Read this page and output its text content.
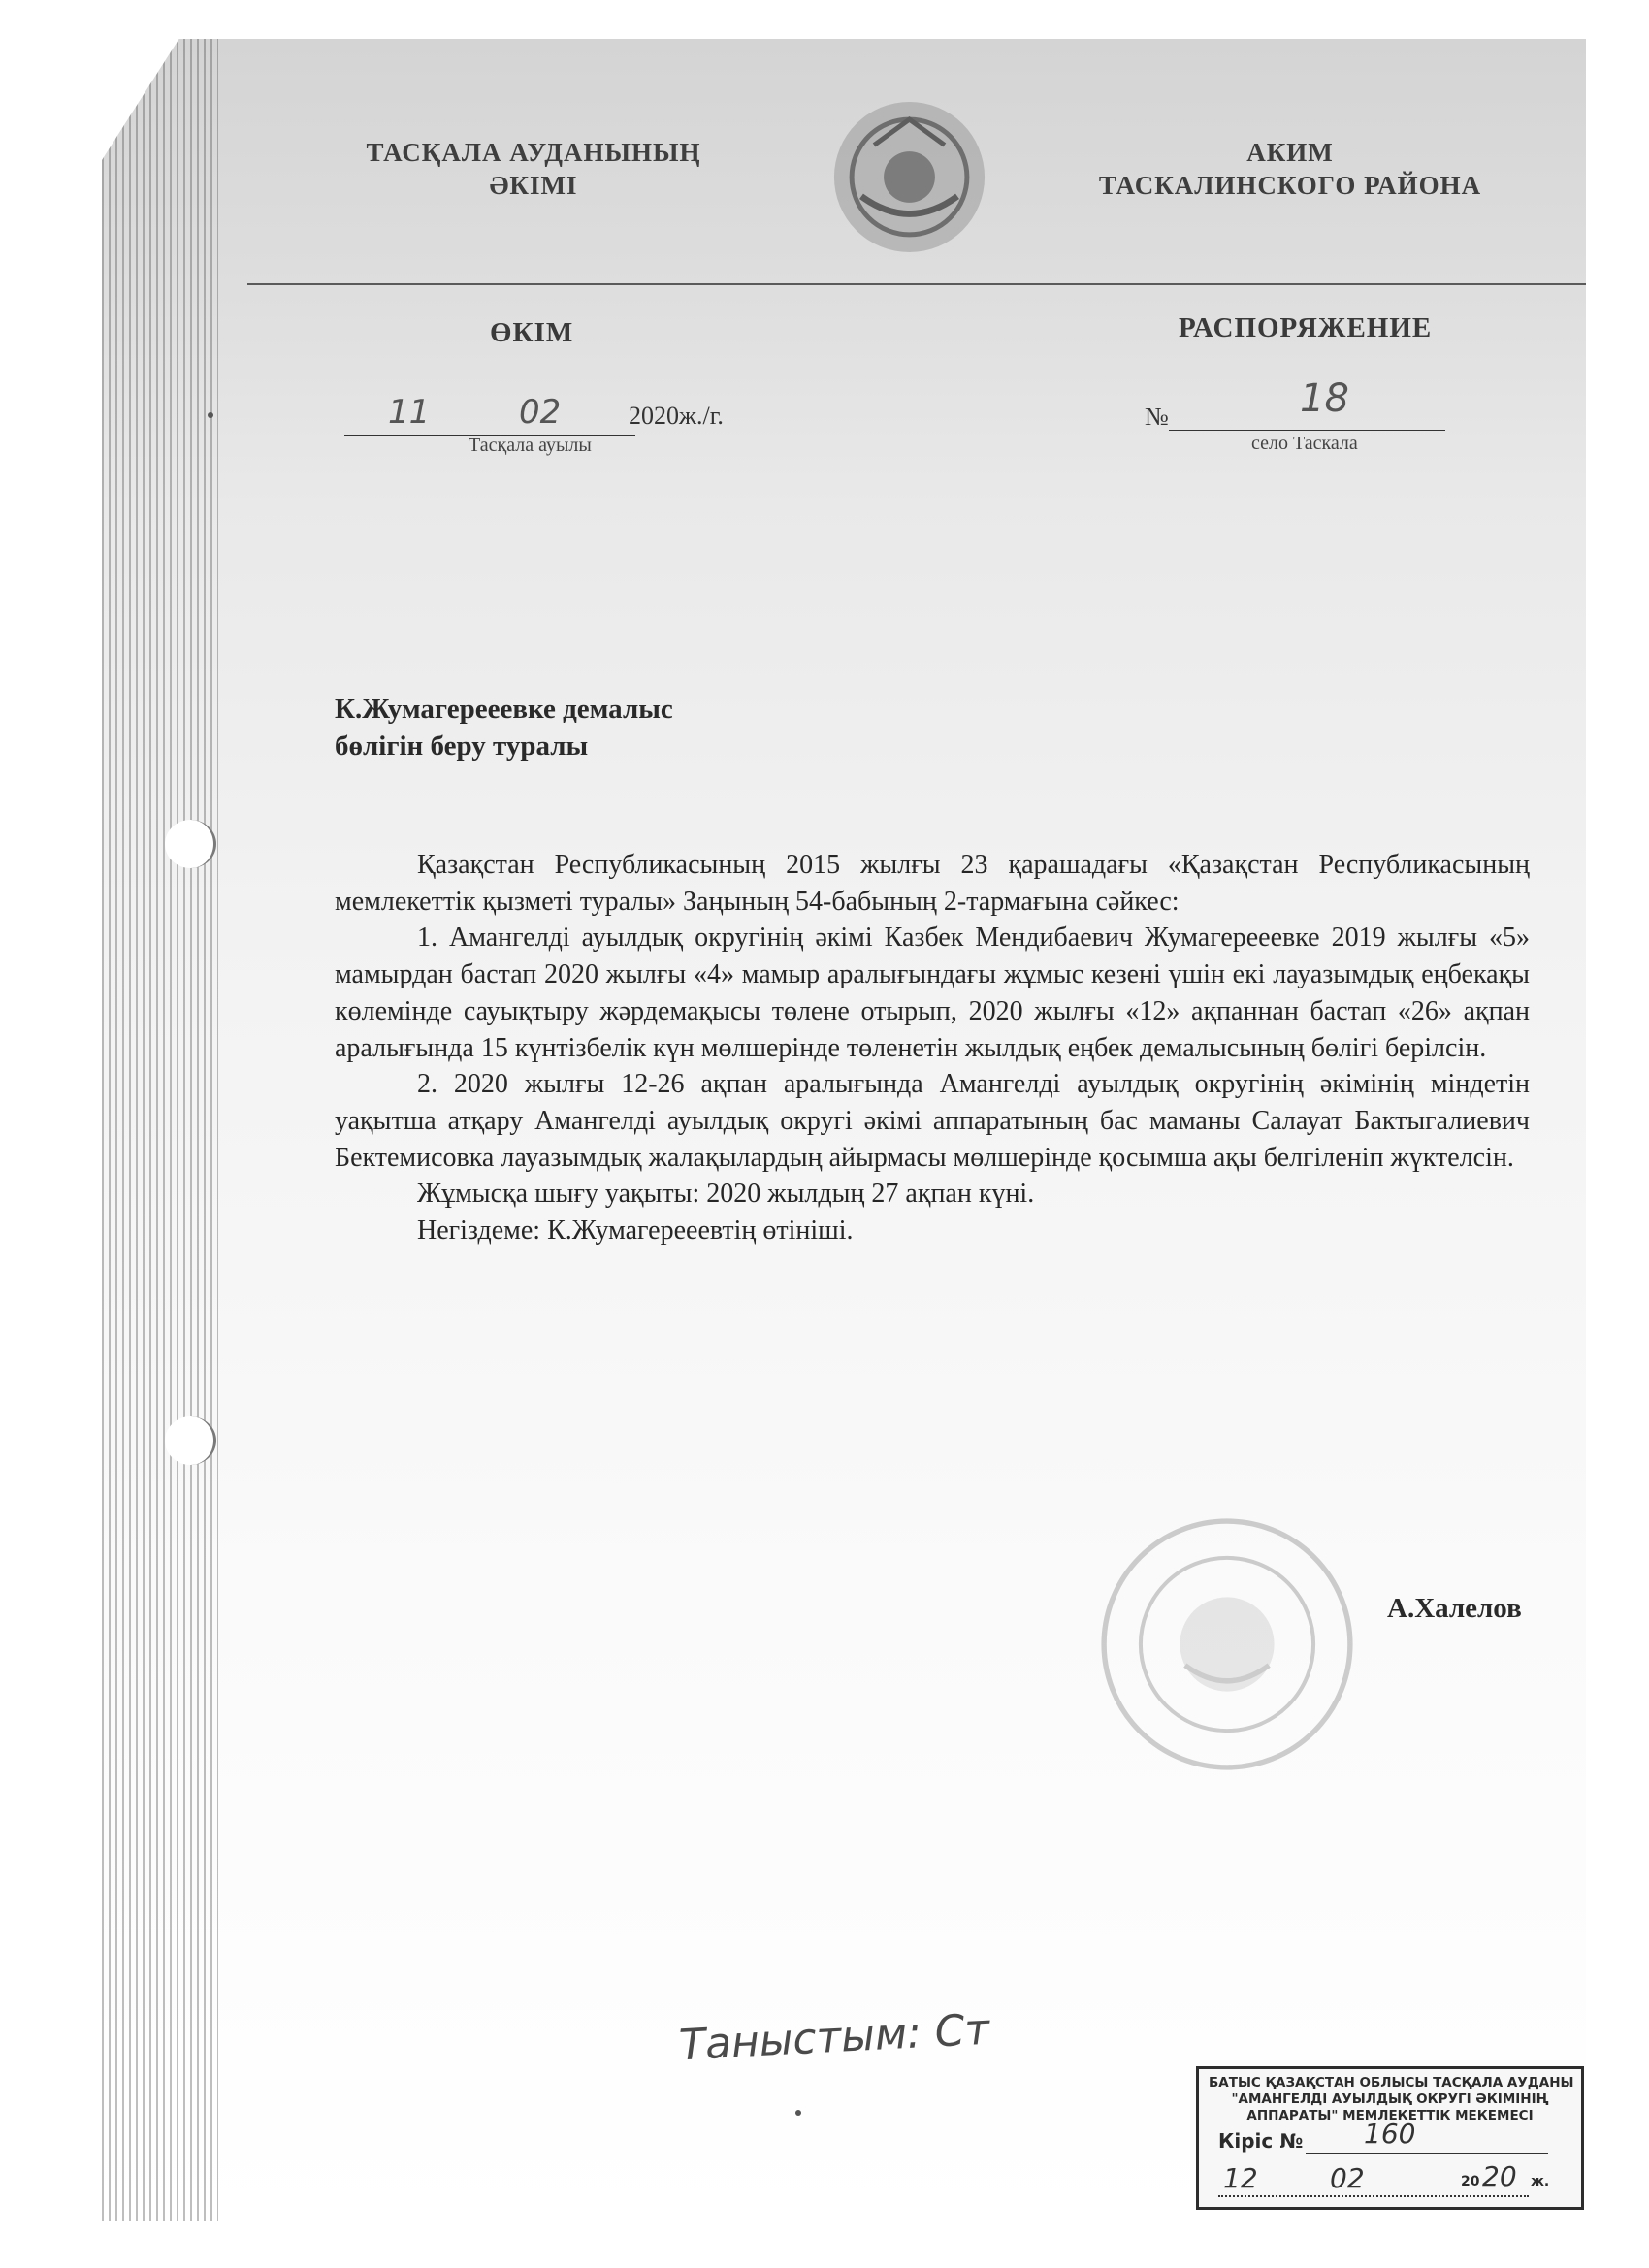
ТАСҚАЛА АУДАНЫНЫҢ
ӘКІМІ
АКИМ
ТАСКАЛИНСКОГО РАЙОНА
ӨКІМ	РАСПОРЯЖЕНИЕ
11	02	2020ж./г.
Тасқала ауылы
№	18
село Таскала
К.Жумагерееевке демалыс
бөлігін беру туралы

Қазақстан Республикасының 2015 жылғы 23 қарашадағы «Қазақстан Республикасының мемлекеттік қызметі туралы» Заңының 54-бабының 2-тармағына сәйкес:

1. Амангелді ауылдық округінің әкімі Казбек Мендибаевич Жумагерееевке 2019 жылғы «5» мамырдан бастап 2020 жылғы «4» мамыр аралығындағы жұмыс кезені үшін екі лауазымдық еңбекақы көлемінде сауықтыру жәрдемақысы төлене отырып, 2020 жылғы «12» ақпаннан бастап «26» ақпан аралығында 15 күнтізбелік күн мөлшерінде төленетін жылдық еңбек демалысының бөлігі берілсін.

2. 2020 жылғы 12-26 ақпан аралығында Амангелді ауылдық округінің әкімінің міндетін уақытша атқару Амангелді ауылдық округі әкімі аппаратының бас маманы Салауат Бактыгалиевич Бектемисовка лауазымдық жалақылардың айырмасы мөлшерінде қосымша ақы белгіленіп жүктелсін.

Жұмысқа шығу уақыты: 2020 жылдың 27 ақпан күні.

Негіздеме: К.Жумагерееевтің өтініші.

А.Халелов
Таныстым: Ст
БАТЫС ҚАЗАҚСТАН ОБЛЫСЫ ТАСҚАЛА АУДАНЫ
"АМАНГЕЛДІ АУЫЛДЫҚ ОКРУГІ ӘКІМІНІҢ
АППАРАТЫ" МЕМЛЕКЕТТІК МЕКЕМЕСІ
Кіріс № 160
12	02	20 20 ж.
